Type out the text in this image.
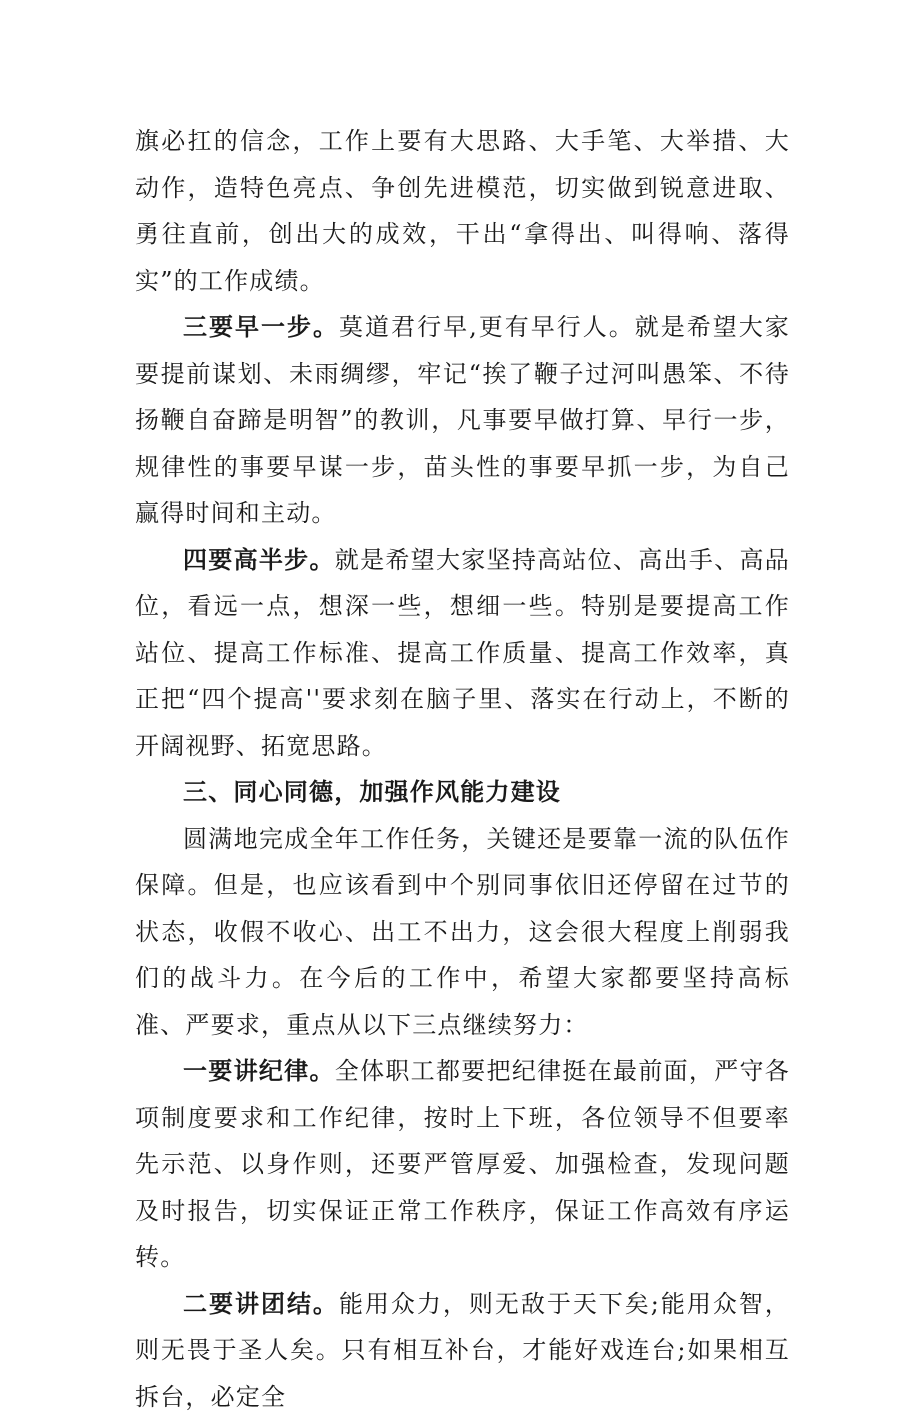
旗必扛的信念，工作上要有大思路、大手笔、大举措、大动作，造特色亮点、争创先进模范，切实做到锐意进取、勇往直前，创出大的成效，干出“拿得出、叫得响、落得实”的工作成绩。

三要早一步。莫道君行早,更有早行人。就是希望大家要提前谋划、未雨绸缪，牢记“挨了鞭子过河叫愚笨、不待扬鞭自奋蹄是明智”的教训，凡事要早做打算、早行一步，规律性的事要早谋一步，苗头性的事要早抓一步，为自己赢得时间和主动。

四要高半步。就是希望大家坚持高站位、高出手、高品位，看远一点，想深一些，想细一些。特别是要提高工作站位、提高工作标准、提高工作质量、提高工作效率，真正把“四个提高''要求刻在脑子里、落实在行动上，不断的开阔视野、拓宽思路。

三、同心同德，加强作风能力建设

圆满地完成全年工作任务，关键还是要靠一流的队伍作保障。但是，也应该看到中个别同事依旧还停留在过节的状态，收假不收心、出工不出力，这会很大程度上削弱我们的战斗力。在今后的工作中，希望大家都要坚持高标准、严要求，重点从以下三点继续努力：

一要讲纪律。全体职工都要把纪律挺在最前面，严守各项制度要求和工作纪律，按时上下班，各位领导不但要率先示范、以身作则，还要严管厚爱、加强检查，发现问题及时报告，切实保证正常工作秩序，保证工作高效有序运转。

二要讲团结。能用众力，则无敌于天下矣;能用众智，则无畏于圣人矣。只有相互补台，才能好戏连台;如果相互拆台，必定全
